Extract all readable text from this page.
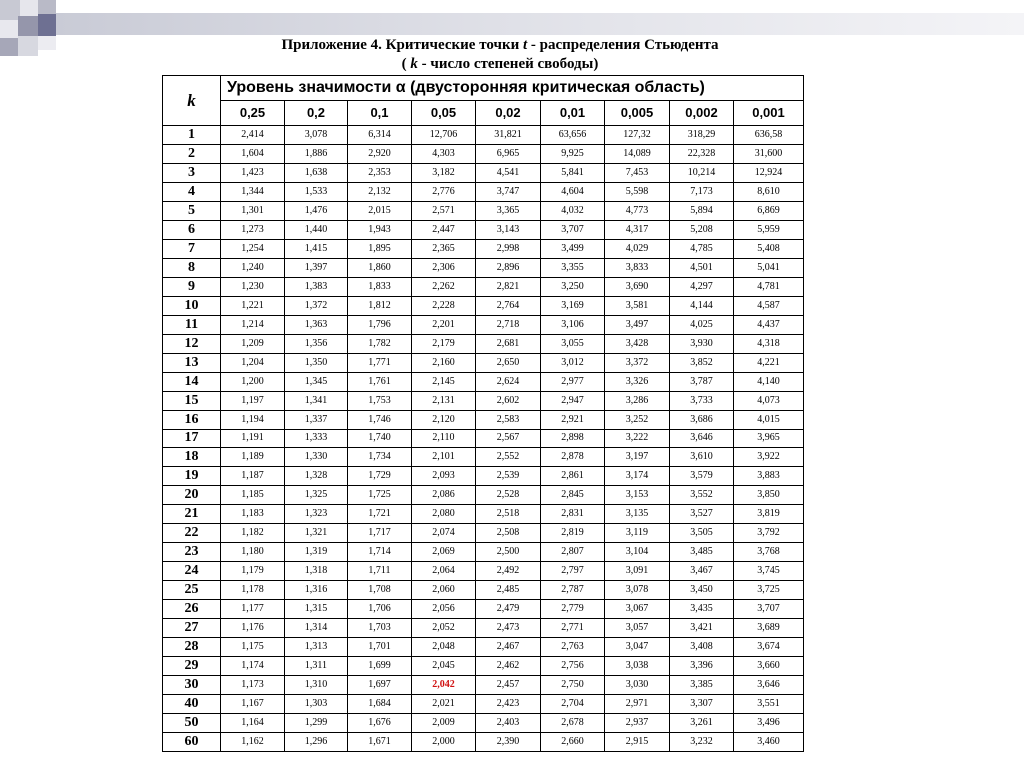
Приложение 4. Критические точки t - распределения Стьюдента
( k - число степеней свободы)
k	Уровень значимости α (двусторонняя критическая область)								
	0,25	0,2	0,1	0,05	0,02	0,01	0,005	0,002	0,001
1	2,414	3,078	6,314	12,706	31,821	63,656	127,32	318,29	636,58
2	1,604	1,886	2,920	4,303	6,965	9,925	14,089	22,328	31,600
3	1,423	1,638	2,353	3,182	4,541	5,841	7,453	10,214	12,924
4	1,344	1,533	2,132	2,776	3,747	4,604	5,598	7,173	8,610
5	1,301	1,476	2,015	2,571	3,365	4,032	4,773	5,894	6,869
6	1,273	1,440	1,943	2,447	3,143	3,707	4,317	5,208	5,959
7	1,254	1,415	1,895	2,365	2,998	3,499	4,029	4,785	5,408
8	1,240	1,397	1,860	2,306	2,896	3,355	3,833	4,501	5,041
9	1,230	1,383	1,833	2,262	2,821	3,250	3,690	4,297	4,781
10	1,221	1,372	1,812	2,228	2,764	3,169	3,581	4,144	4,587
11	1,214	1,363	1,796	2,201	2,718	3,106	3,497	4,025	4,437
12	1,209	1,356	1,782	2,179	2,681	3,055	3,428	3,930	4,318
13	1,204	1,350	1,771	2,160	2,650	3,012	3,372	3,852	4,221
14	1,200	1,345	1,761	2,145	2,624	2,977	3,326	3,787	4,140
15	1,197	1,341	1,753	2,131	2,602	2,947	3,286	3,733	4,073
16	1,194	1,337	1,746	2,120	2,583	2,921	3,252	3,686	4,015
17	1,191	1,333	1,740	2,110	2,567	2,898	3,222	3,646	3,965
18	1,189	1,330	1,734	2,101	2,552	2,878	3,197	3,610	3,922
19	1,187	1,328	1,729	2,093	2,539	2,861	3,174	3,579	3,883
20	1,185	1,325	1,725	2,086	2,528	2,845	3,153	3,552	3,850
21	1,183	1,323	1,721	2,080	2,518	2,831	3,135	3,527	3,819
22	1,182	1,321	1,717	2,074	2,508	2,819	3,119	3,505	3,792
23	1,180	1,319	1,714	2,069	2,500	2,807	3,104	3,485	3,768
24	1,179	1,318	1,711	2,064	2,492	2,797	3,091	3,467	3,745
25	1,178	1,316	1,708	2,060	2,485	2,787	3,078	3,450	3,725
26	1,177	1,315	1,706	2,056	2,479	2,779	3,067	3,435	3,707
27	1,176	1,314	1,703	2,052	2,473	2,771	3,057	3,421	3,689
28	1,175	1,313	1,701	2,048	2,467	2,763	3,047	3,408	3,674
29	1,174	1,311	1,699	2,045	2,462	2,756	3,038	3,396	3,660
30	1,173	1,310	1,697	2,042	2,457	2,750	3,030	3,385	3,646
40	1,167	1,303	1,684	2,021	2,423	2,704	2,971	3,307	3,551
50	1,164	1,299	1,676	2,009	2,403	2,678	2,937	3,261	3,496
60	1,162	1,296	1,671	2,000	2,390	2,660	2,915	3,232	3,460
